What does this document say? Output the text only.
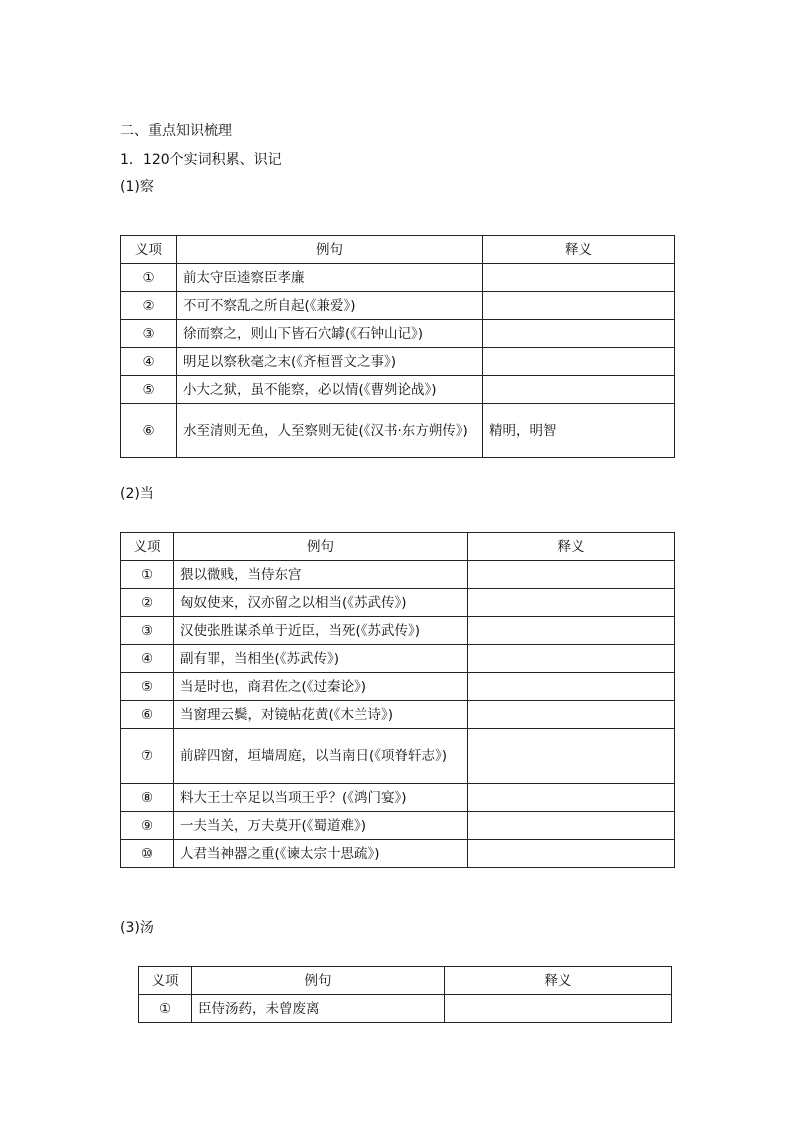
二、重点知识梳理
1．120个实词积累、识记
(1)察
义项	例句	释义
①	前太守臣逵察臣孝廉	
②	不可不察乱之所自起(《兼爱》)	
③	徐而察之，则山下皆石穴罅(《石钟山记》)	
④	明足以察秋毫之末(《齐桓晋文之事》)	
⑤	小大之狱，虽不能察，必以情(《曹刿论战》)	
⑥	水至清则无鱼，人至察则无徒(《汉书·东方朔传》)	精明，明智
(2)当
义项	例句	释义
①	猥以微贱，当侍东宫	
②	匈奴使来，汉亦留之以相当(《苏武传》)	
③	汉使张胜谋杀单于近臣，当死(《苏武传》)	
④	副有罪，当相坐(《苏武传》)	
⑤	当是时也，商君佐之(《过秦论》)	
⑥	当窗理云鬓，对镜帖花黄(《木兰诗》)	
⑦	前辟四窗，垣墙周庭，以当南日(《项脊轩志》)	
⑧	料大王士卒足以当项王乎？(《鸿门宴》)	
⑨	一夫当关，万夫莫开(《蜀道难》)	
⑩	人君当神器之重(《谏太宗十思疏》)	
(3)汤
义项	例句	释义
①	臣侍汤药，未曾废离	
